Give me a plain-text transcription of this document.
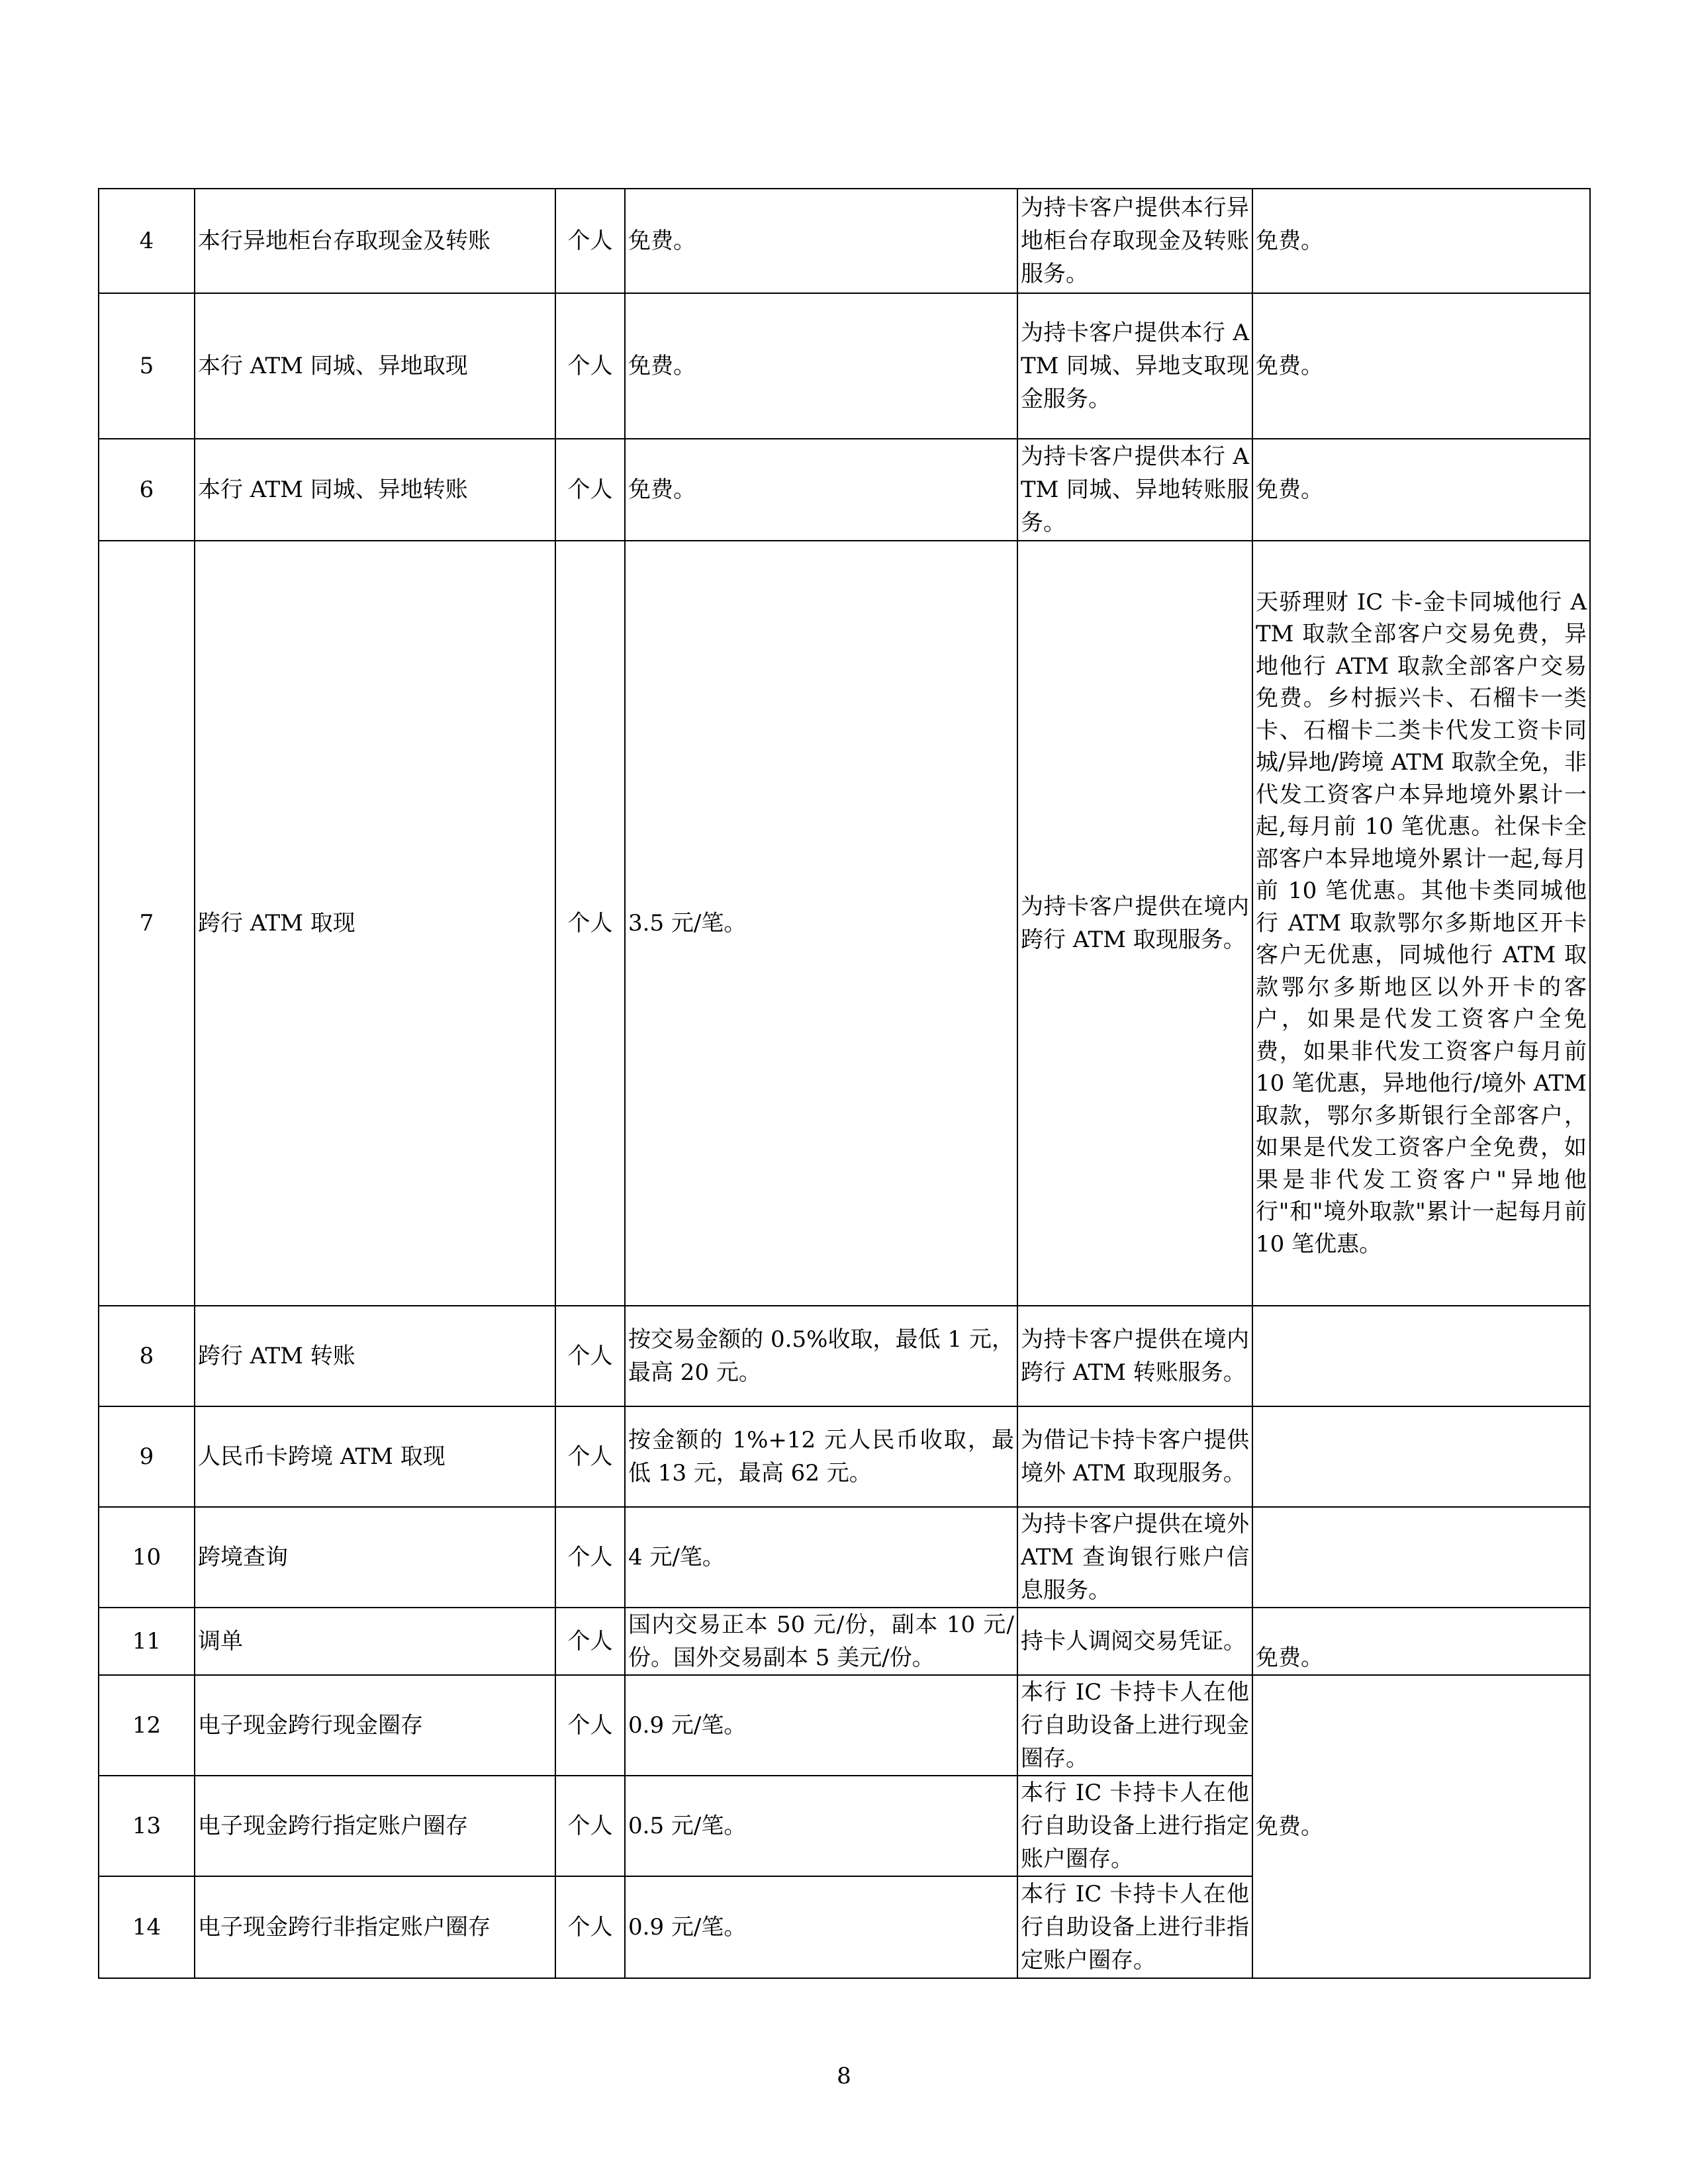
4	本行异地柜台存取现金及转账	个人	免费。	为持卡客户提供本行异地柜台存取现金及转账服务。	免费。
5	本行 ATM 同城、异地取现	个人	免费。	为持卡客户提供本行 ATM 同城、异地支取现金服务。	免费。
6	本行 ATM 同城、异地转账	个人	免费。	为持卡客户提供本行 ATM 同城、异地转账服务。	免费。
7	跨行 ATM 取现	个人	3.5 元/笔。	为持卡客户提供在境内跨行 ATM 取现服务。	天骄理财 IC 卡-金卡同城他行 ATM 取款全部客户交易免费，异地他行 ATM 取款全部客户交易免费。乡村振兴卡、石榴卡一类卡、石榴卡二类卡代发工资卡同城/异地/跨境 ATM 取款全免，非代发工资客户本异地境外累计一起,每月前 10 笔优惠。社保卡全部客户本异地境外累计一起,每月前 10 笔优惠。其他卡类同城他行 ATM 取款鄂尔多斯地区开卡客户无优惠，同城他行 ATM 取款鄂尔多斯地区以外开卡的客户，如果是代发工资客户全免费，如果非代发工资客户每月前 10 笔优惠，异地他行/境外 ATM 取款，鄂尔多斯银行全部客户，如果是代发工资客户全免费，如果是非代发工资客户"异地他行"和"境外取款"累计一起每月前 10 笔优惠。
8	跨行 ATM 转账	个人	按交易金额的 0.5%收取，最低 1 元，最高 20 元。	为持卡客户提供在境内跨行 ATM 转账服务。	
9	人民币卡跨境 ATM 取现	个人	按金额的 1%+12 元人民币收取，最低 13 元，最高 62 元。	为借记卡持卡客户提供境外 ATM 取现服务。	
10	跨境查询	个人	4 元/笔。	为持卡客户提供在境外 ATM 查询银行账户信息服务。	
11	调单	个人	国内交易正本 50 元/份，副本 10 元/份。国外交易副本 5 美元/份。	持卡人调阅交易凭证。	免费。
12	电子现金跨行现金圈存	个人	0.9 元/笔。	本行 IC 卡持卡人在他行自助设备上进行现金圈存。	免费。
13	电子现金跨行指定账户圈存	个人	0.5 元/笔。	本行 IC 卡持卡人在他行自助设备上进行指定账户圈存。	
14	电子现金跨行非指定账户圈存	个人	0.9 元/笔。	本行 IC 卡持卡人在他行自助设备上进行非指定账户圈存。	
8
